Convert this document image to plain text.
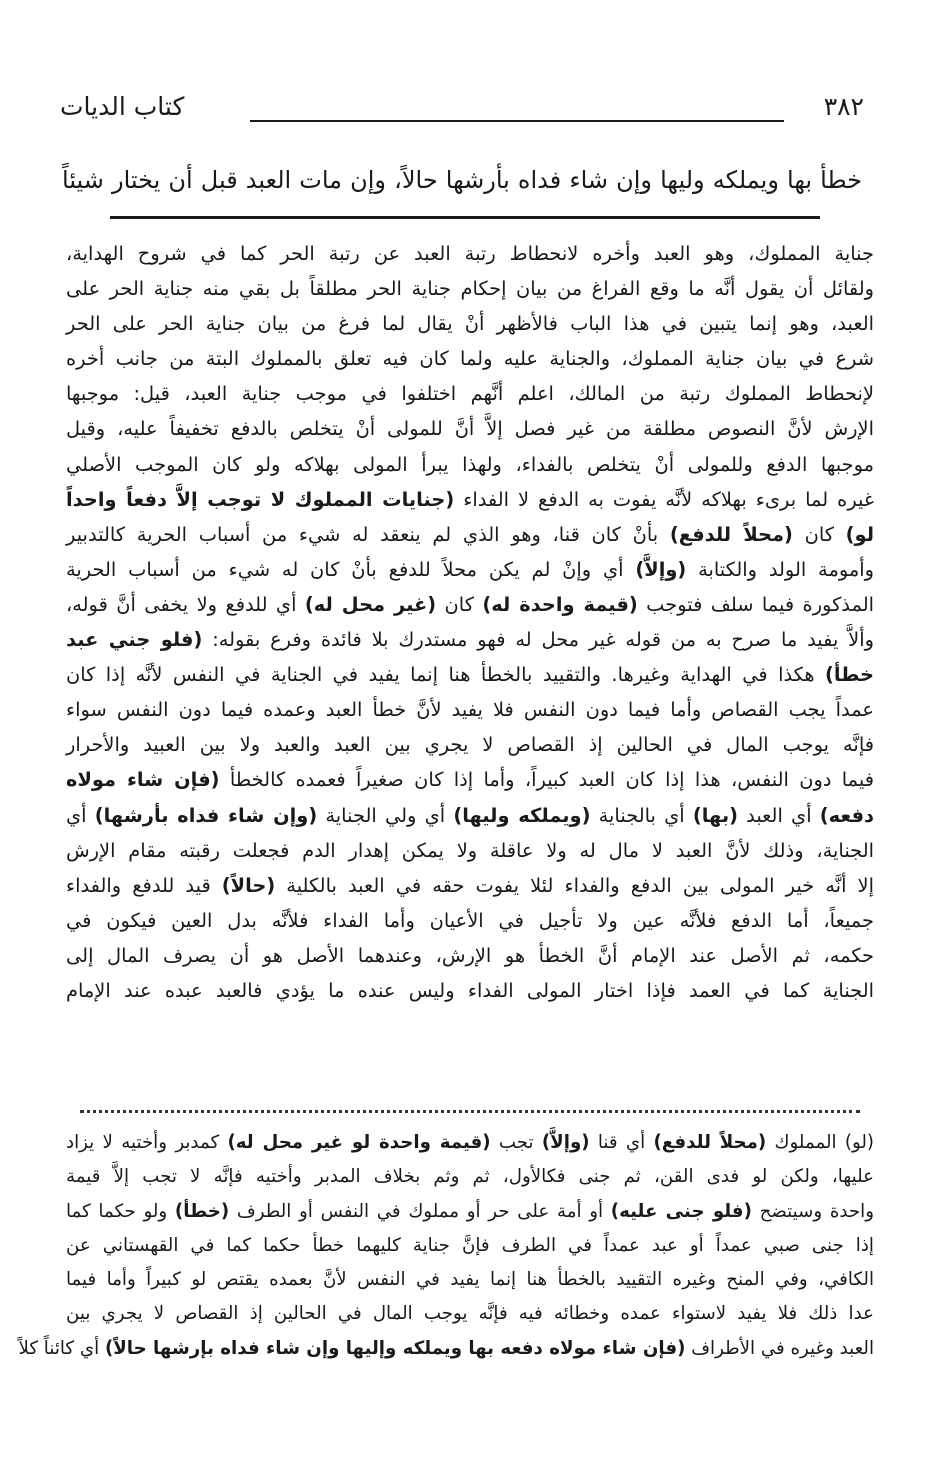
٣٨٢
كتاب الديات
خطأ بها ويملكه وليها وإن شاء فداه بأرشها حالاً، وإن مات العبد قبل أن يختار شيئاً
جناية المملوك، وهو العبد وأخره لانحطاط رتبة العبد عن رتبة الحر كما في شروح الهداية،
ولقائل أن يقول أنَّه ما وقع الفراغ من بيان إحكام جناية الحر مطلقاً بل بقي منه جناية الحر على
العبد، وهو إنما يتبين في هذا الباب فالأظهر أنْ يقال لما فرغ من بيان جناية الحر على الحر
شرع في بيان جناية المملوك، والجناية عليه ولما كان فيه تعلق بالمملوك البتة من جانب أخره
لإنحطاط المملوك رتبة من المالك، اعلم أنَّهم اختلفوا في موجب جناية العبد، قيل: موجبها
الإرش لأنَّ النصوص مطلقة من غير فصل إلاَّ أنَّ للمولى أنْ يتخلص بالدفع تخفيفاً عليه، وقيل
موجبها الدفع وللمولى أنْ يتخلص بالفداء، ولهذا يبرأ المولى بهلاكه ولو كان الموجب الأصلي
غيره لما برىء بهلاكه لأنَّه يفوت به الدفع لا الفداء (جنايات المملوك لا توجب إلاَّ دفعاً واحداً
لو) كان (محلاً للدفع) بأنْ كان قنا، وهو الذي لم ينعقد له شيء من أسباب الحرية كالتدبير
وأمومة الولد والكتابة (وإلاَّ) أي وإنْ لم يكن محلاً للدفع بأنْ كان له شيء من أسباب الحرية
المذكورة فيما سلف فتوجب (قيمة واحدة له) كان (غير محل له) أي للدفع ولا يخفى أنَّ قوله،
وألاَّ يفيد ما صرح به من قوله غير محل له فهو مستدرك بلا فائدة وفرع بقوله: (فلو جني عبد
خطأ) هكذا في الهداية وغيرها. والتقييد بالخطأ هنا إنما يفيد في الجناية في النفس لأنَّه إذا كان
عمداً يجب القصاص وأما فيما دون النفس فلا يفيد لأنَّ خطأ العبد وعمده فيما دون النفس سواء
فإنَّه يوجب المال في الحالين إذ القصاص لا يجري بين العبد والعبد ولا بين العبيد والأحرار
فيما دون النفس، هذا إذا كان العبد كبيراً، وأما إذا كان صغيراً فعمده كالخطأ (فإن شاء مولاه
دفعه) أي العبد (بها) أي بالجناية (ويملكه وليها) أي ولي الجناية (وإن شاء فداه بأرشها) أي
الجناية، وذلك لأنَّ العبد لا مال له ولا عاقلة ولا يمكن إهدار الدم فجعلت رقبته مقام الإرش
إلا أنَّه خير المولى بين الدفع والفداء لئلا يفوت حقه في العبد بالكلية (حالاً) قيد للدفع والفداء
جميعاً، أما الدفع فلأنَّه عين ولا تأجيل في الأعيان وأما الفداء فلأنَّه بدل العين فيكون في
حكمه، ثم الأصل عند الإمام أنَّ الخطأ هو الإرش، وعندهما الأصل هو أن يصرف المال إلى
الجناية كما في العمد فإذا اختار المولى الفداء وليس عنده ما يؤدي فالعبد عبده عند الإمام
(لو) المملوك (محلاً للدفع) أي قنا (وإلاَّ) تجب (قيمة واحدة لو غير محل له) كمدبر وأختيه لا يزاد
عليها، ولكن لو فدى القن، ثم جنى فكالأول، ثم وثم بخلاف المدبر وأختيه فإنَّه لا تجب إلاَّ قيمة
واحدة وسيتضح (فلو جنى عليه) أو أمة على حر أو مملوك في النفس أو الطرف (خطأ) ولو حكما كما
إذا جنى صبي عمداً أو عبد عمداً في الطرف فإنَّ جناية كليهما خطأ حكما كما في القهستاني عن
الكافي، وفي المنح وغيره التقييد بالخطأ هنا إنما يفيد في النفس لأنَّ بعمده يقتص لو كبيراً وأما فيما
عدا ذلك فلا يفيد لاستواء عمده وخطائه فيه فإنَّه يوجب المال في الحالين إذ القصاص لا يجري بين
العبد وغيره في الأطراف (فإن شاء مولاه دفعه بها ويملكه وإليها وإن شاء فداه بإرشها حالاً) أي كائناً كلاً
